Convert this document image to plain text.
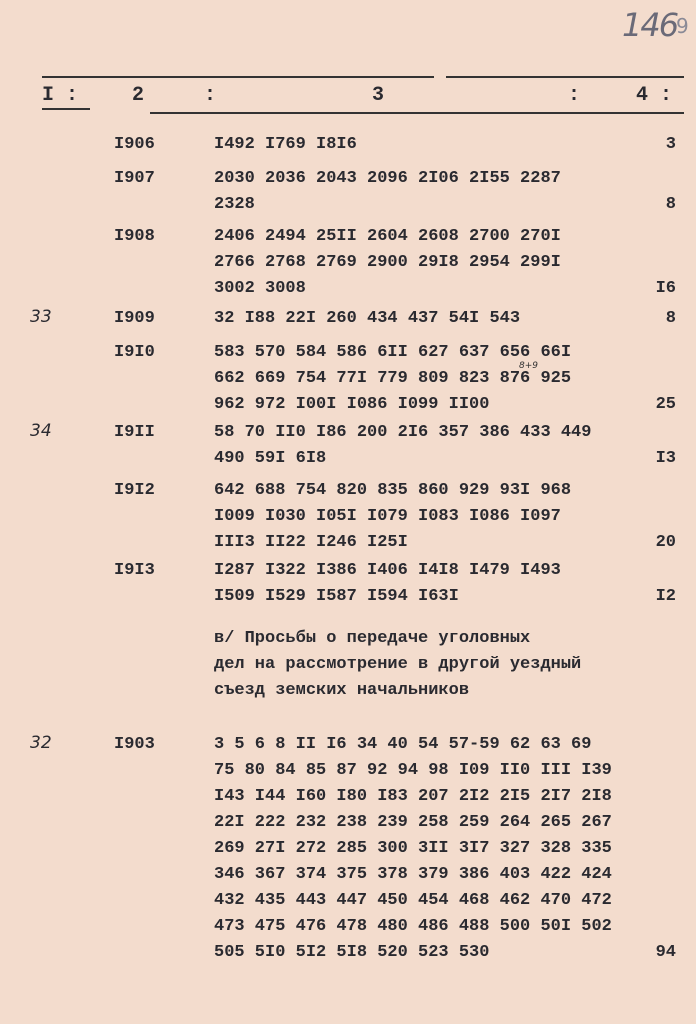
146
9
I :	2	:	3	:	4 :
I906	I492 I769 I8I6	3
I907	2030 2036 2043 2096 2I06 2I55 2287
2328	8
I908	2406 2494 25II 2604 2608 2700 270I
2766 2768 2769 2900 29I8 2954 299I
3002 3008	I6
33	I909	32 I88 22I 260 434 437 54I 543	8
I9I0	583 570 584 586 6II 627 637 656 66I
662 669 754 77I 779 809 823 876 925
962 972 I00I I086 I099 II00	25
34	I9II	58 70 II0 I86 200 2I6 357 386 433 449
490 59I 6I8	I3
I9I2	642 688 754 820 835 860 929 93I 968
I009 I030 I05I I079 I083 I086 I097
III3 II22 I246 I25I	20
I9I3	I287 I322 I386 I406 I4I8 I479 I493
I509 I529 I587 I594 I63I	I2
32	I903	3 5 6 8 II I6 34 40 54 57-59 62 63 69
75 80 84 85 87 92 94 98 I09 II0 III I39
I43 I44 I60 I80 I83 207 2I2 2I5 2I7 2I8
22I 222 232 238 239 258 259 264 265 267
269 27I 272 285 300 3II 3I7 327 328 335
346 367 374 375 378 379 386 403 422 424
432 435 443 447 450 454 468 462 470 472
473 475 476 478 480 486 488 500 50I 502
505 5I0 5I2 5I8 520 523 530	94
8+9
в/ Просьбы о передаче уголовных
дел на рассмотрение в другой уездный
съезд земских начальников
